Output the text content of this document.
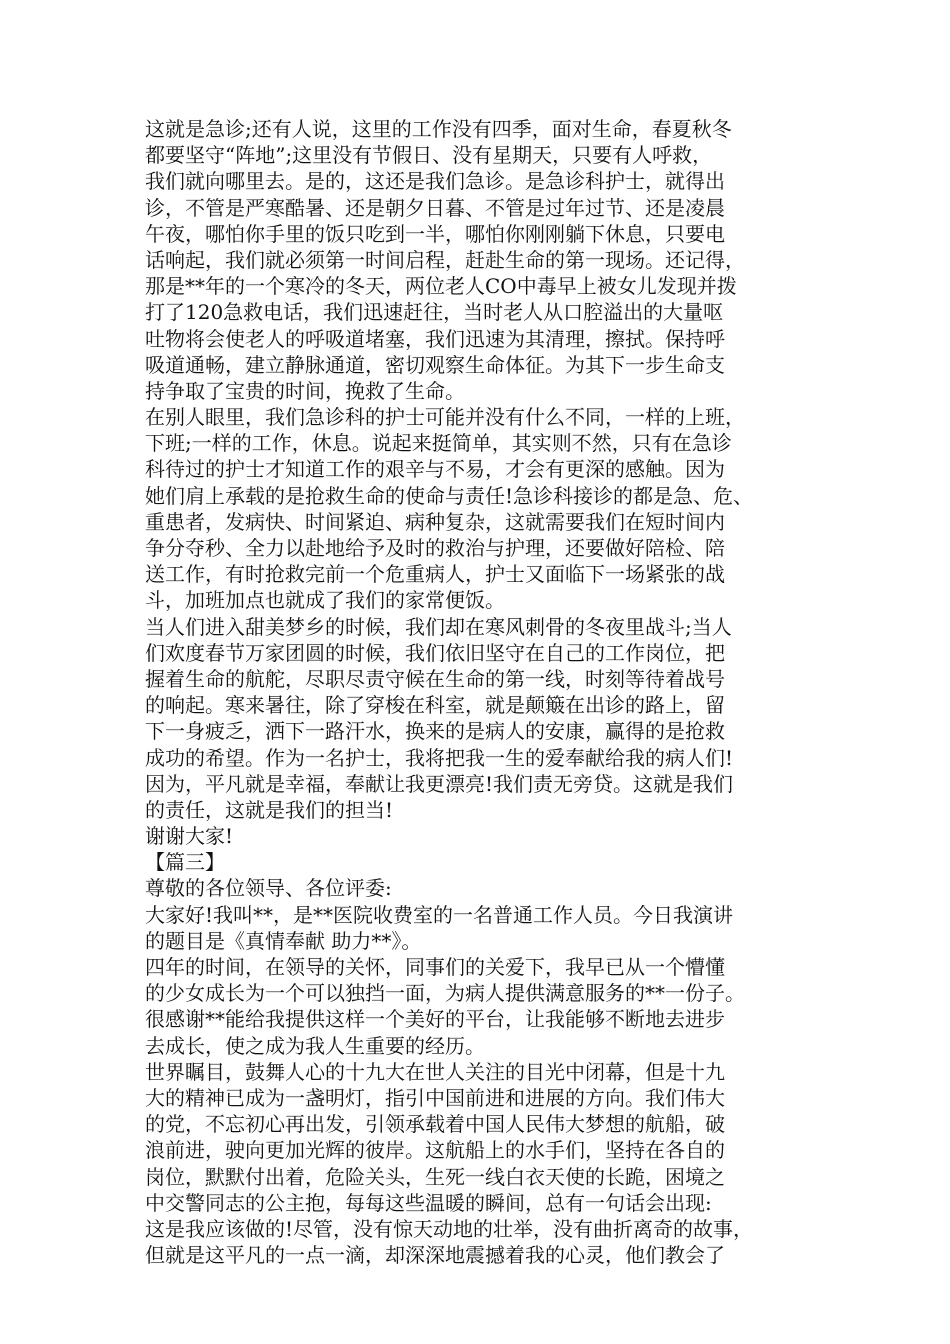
这就是急诊;还有人说，这里的工作没有四季，面对生命，春夏秋冬
都要坚守“阵地”;这里没有节假日、没有星期天，只要有人呼救，
我们就向哪里去。是的，这还是我们急诊。是急诊科护士，就得出
诊，不管是严寒酷暑、还是朝夕日暮、不管是过年过节、还是凌晨
午夜，哪怕你手里的饭只吃到一半，哪怕你刚刚躺下休息，只要电
话响起，我们就必须第一时间启程，赶赴生命的第一现场。还记得，
那是**年的一个寒冷的冬天，两位老人CO中毒早上被女儿发现并拨
打了120急救电话，我们迅速赶往，当时老人从口腔溢出的大量呕
吐物将会使老人的呼吸道堵塞，我们迅速为其清理，擦拭。保持呼
吸道通畅，建立静脉通道，密切观察生命体征。为其下一步生命支
持争取了宝贵的时间，挽救了生命。
在别人眼里，我们急诊科的护士可能并没有什么不同，一样的上班，
下班;一样的工作，休息。说起来挺简单，其实则不然，只有在急诊
科待过的护士才知道工作的艰辛与不易，才会有更深的感触。因为
她们肩上承载的是抢救生命的使命与责任!急诊科接诊的都是急、危、
重患者，发病快、时间紧迫、病种复杂，这就需要我们在短时间内
争分夺秒、全力以赴地给予及时的救治与护理，还要做好陪检、陪
送工作，有时抢救完前一个危重病人，护士又面临下一场紧张的战
斗，加班加点也就成了我们的家常便饭。
当人们进入甜美梦乡的时候，我们却在寒风刺骨的冬夜里战斗;当人
们欢度春节万家团圆的时候，我们依旧坚守在自己的工作岗位，把
握着生命的航舵，尽职尽责守候在生命的第一线，时刻等待着战号
的响起。寒来暑往，除了穿梭在科室，就是颠簸在出诊的路上，留
下一身疲乏，洒下一路汗水，换来的是病人的安康，赢得的是抢救
成功的希望。作为一名护士，我将把我一生的爱奉献给我的病人们!
因为，平凡就是幸福，奉献让我更漂亮!我们责无旁贷。这就是我们
的责任，这就是我们的担当!
谢谢大家!
【篇三】
尊敬的各位领导、各位评委:
大家好!我叫**，是**医院收费室的一名普通工作人员。今日我演讲
的题目是《真情奉献 助力**》。
四年的时间，在领导的关怀，同事们的关爱下，我早已从一个懵懂
的少女成长为一个可以独挡一面，为病人提供满意服务的**一份子。
很感谢**能给我提供这样一个美好的平台，让我能够不断地去进步
去成长，使之成为我人生重要的经历。
世界瞩目，鼓舞人心的十九大在世人关注的目光中闭幕，但是十九
大的精神已成为一盏明灯，指引中国前进和进展的方向。我们伟大
的党，不忘初心再出发，引领承载着中国人民伟大梦想的航船，破
浪前进，驶向更加光辉的彼岸。这航船上的水手们，坚持在各自的
岗位，默默付出着，危险关头，生死一线白衣天使的长跪，困境之
中交警同志的公主抱，每每这些温暖的瞬间，总有一句话会出现:
这是我应该做的!尽管，没有惊天动地的壮举，没有曲折离奇的故事，
但就是这平凡的一点一滴，却深深地震撼着我的心灵，他们教会了
